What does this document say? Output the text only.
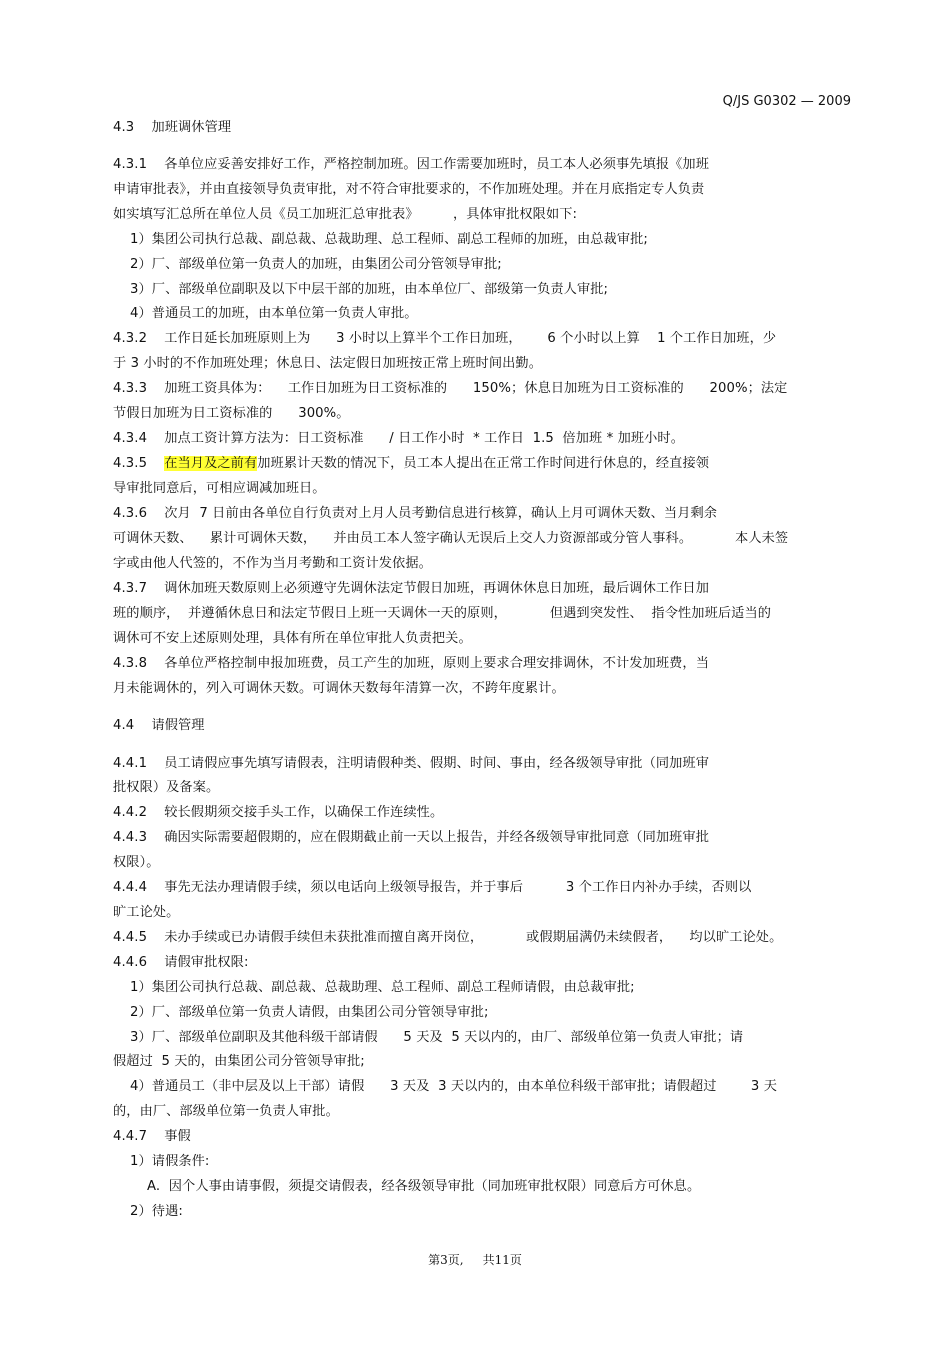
Q/JS G0302 — 2009
4.3    加班调休管理
4.3.1    各单位应妥善安排好工作，严格控制加班。因工作需要加班时，员工本人必须事先填报《加班
申请审批表》，并由直接领导负责审批，对不符合审批要求的，不作加班处理。并在月底指定专人负责
如实填写汇总所在单位人员《员工加班汇总审批表》        ，具体审批权限如下:
1）集团公司执行总裁、副总裁、总裁助理、总工程师、副总工程师的加班，由总裁审批;
2）厂、部级单位第一负责人的加班，由集团公司分管领导审批;
3）厂、部级单位副职及以下中层干部的加班，由本单位厂、部级第一负责人审批;
4）普通员工的加班，由本单位第一负责人审批。
4.3.2    工作日延长加班原则上为      3 小时以上算半个工作日加班，      6 个小时以上算    1 个工作日加班，少
于 3 小时的不作加班处理；休息日、法定假日加班按正常上班时间出勤。
4.3.3    加班工资具体为：    工作日加班为日工资标准的      150%；休息日加班为日工资标准的      200%；法定
节假日加班为日工资标准的      300%。
4.3.4    加点工资计算方法为：日工资标准      / 日工作小时  * 工作日  1.5  倍加班 * 加班小时。
4.3.5    在当月及之前有加班累计天数的情况下，员工本人提出在正常工作时间进行休息的，经直接领
导审批同意后，可相应调减加班日。
4.3.6    次月  7 日前由各单位自行负责对上月人员考勤信息进行核算，确认上月可调休天数、当月剩余
可调休天数、    累计可调休天数，    并由员工本人签字确认无误后上交人力资源部或分管人事科。          本人未签
字或由他人代签的，不作为当月考勤和工资计发依据。
4.3.7    调休加班天数原则上必须遵守先调休法定节假日加班，再调休休息日加班，最后调休工作日加
班的顺序，  并遵循休息日和法定节假日上班一天调休一天的原则，          但遇到突发性、  指令性加班后适当的
调休可不安上述原则处理，具体有所在单位审批人负责把关。
4.3.8    各单位严格控制申报加班费，员工产生的加班，原则上要求合理安排调休，不计发加班费，当
月未能调休的，列入可调休天数。可调休天数每年清算一次，不跨年度累计。
4.4    请假管理
4.4.1    员工请假应事先填写请假表，注明请假种类、假期、时间、事由，经各级领导审批（同加班审
批权限）及备案。
4.4.2    较长假期须交接手头工作，以确保工作连续性。
4.4.3    确因实际需要超假期的，应在假期截止前一天以上报告，并经各级领导审批同意（同加班审批
权限）。
4.4.4    事先无法办理请假手续，须以电话向上级领导报告，并于事后          3 个工作日内补办手续，否则以
旷工论处。
4.4.5    未办手续或已办请假手续但未获批准而擅自离开岗位，          或假期届满仍未续假者，    均以旷工论处。
4.4.6    请假审批权限:
1）集团公司执行总裁、副总裁、总裁助理、总工程师、副总工程师请假，由总裁审批;
2）厂、部级单位第一负责人请假，由集团公司分管领导审批;
3）厂、部级单位副职及其他科级干部请假      5 天及  5 天以内的，由厂、部级单位第一负责人审批；请
假超过  5 天的，由集团公司分管领导审批;
4）普通员工（非中层及以上干部）请假      3 天及  3 天以内的，由本单位科级干部审批；请假超过        3 天
的，由厂、部级单位第一负责人审批。
4.4.7    事假
1）请假条件:
A.  因个人事由请事假，须提交请假表，经各级领导审批（同加班审批权限）同意后方可休息。
2）待遇:
第3页,     共11页
